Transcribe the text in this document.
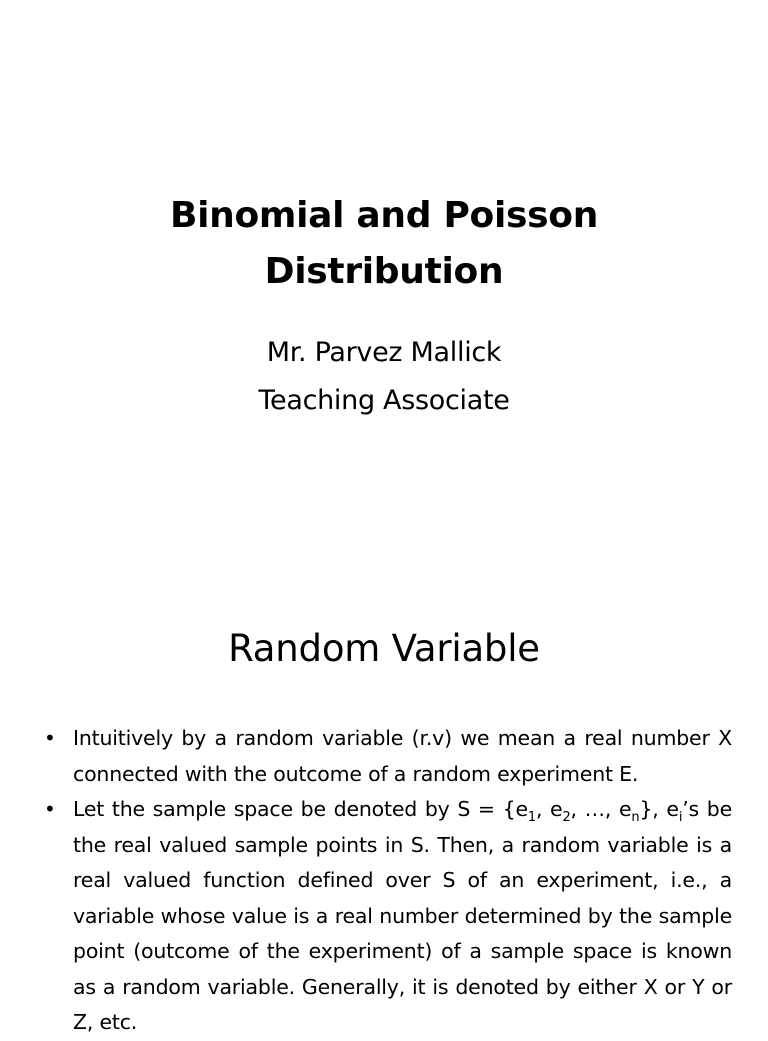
Binomial and Poisson
Distribution
Mr. Parvez Mallick
Teaching Associate
Random Variable
• Intuitively by a random variable (r.v) we mean a real number X connected with the outcome of a random experiment E.
• Let the sample space be denoted by $S = \{e_1$, $e_2$, …, $e_n$}, $e_i’s$ be the real valued sample points in S. Then, a random variable is a real valued function defined over S of an experiment, i.e., a variable whose value is a real number determined by the sample point (outcome of the experiment) of a sample space is known as a random variable. Generally, it is denoted by either X or Y or Z, etc.
